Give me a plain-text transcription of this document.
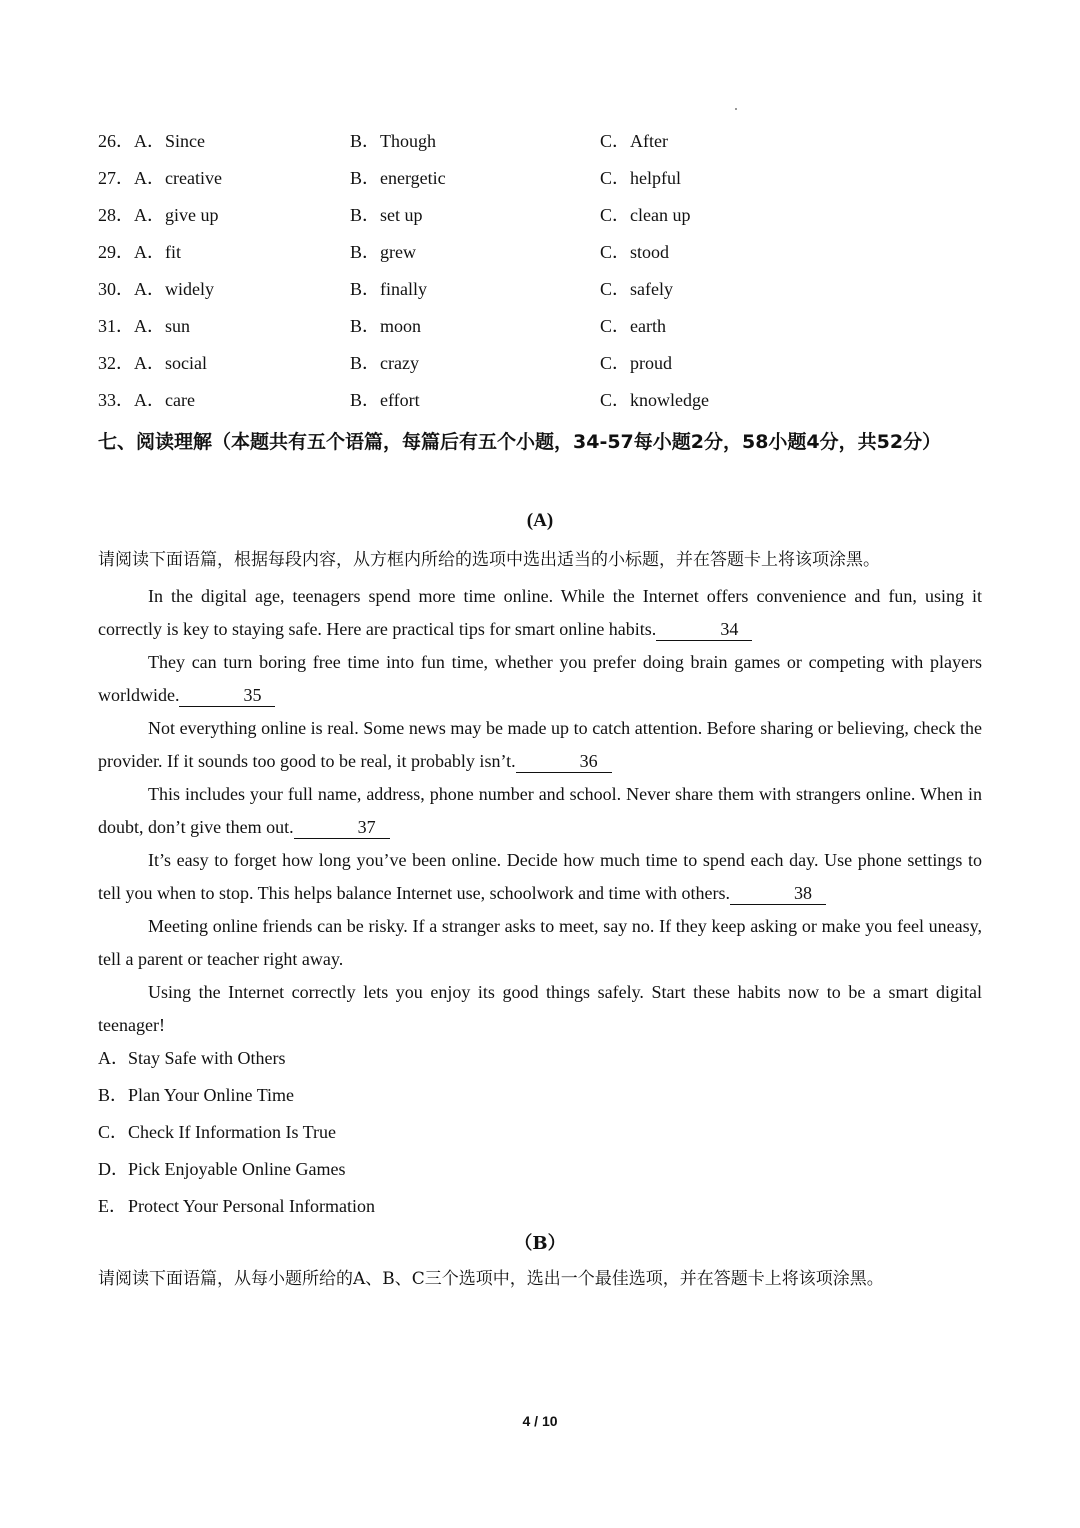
26． A．Since	B．Though	C．After
27． A．creative	B．energetic	C．helpful
28． A．give up	B．set up	C．clean up
29． A．fit	B．grew	C．stood
30． A．widely	B．finally	C．safely
31． A．sun	B．moon	C．earth
32． A．social	B．crazy	C．proud
33． A．care	B．effort	C．knowledge
七、阅读理解（本题共有五个语篇，每篇后有五个小题，34-57每小题2分，58小题4分，共52分）
(A)
请阅读下面语篇，根据每段内容，从方框内所给的选项中选出适当的小标题，并在答题卡上将该项涂黑。

In the digital age, teenagers spend more time online. While the Internet offers convenience and fun, using it correctly is key to staying safe. Here are practical tips for smart online habits.	34

They can turn boring free time into fun time, whether you prefer doing brain games or competing with players worldwide.	35

Not everything online is real. Some news may be made up to catch attention. Before sharing or believing, check the provider. If it sounds too good to be real, it probably isn’t.	36

This includes your full name, address, phone number and school. Never share them with strangers online. When in doubt, don’t give them out.	37

It’s easy to forget how long you’ve been online. Decide how much time to spend each day. Use phone settings to tell you when to stop. This helps balance Internet use, schoolwork and time with others.	38

Meeting online friends can be risky. If a stranger asks to meet, say no. If they keep asking or make you feel uneasy, tell a parent or teacher right away.

Using the Internet correctly lets you enjoy its good things safely. Start these habits now to be a smart digital teenager!

A．Stay Safe with Others
B．Plan Your Online Time
C．Check If Information Is True
D．Pick Enjoyable Online Games
E．Protect Your Personal Information
（B）
请阅读下面语篇，从每小题所给的A、B、C三个选项中，选出一个最佳选项，并在答题卡上将该项涂黑。
4 / 10
